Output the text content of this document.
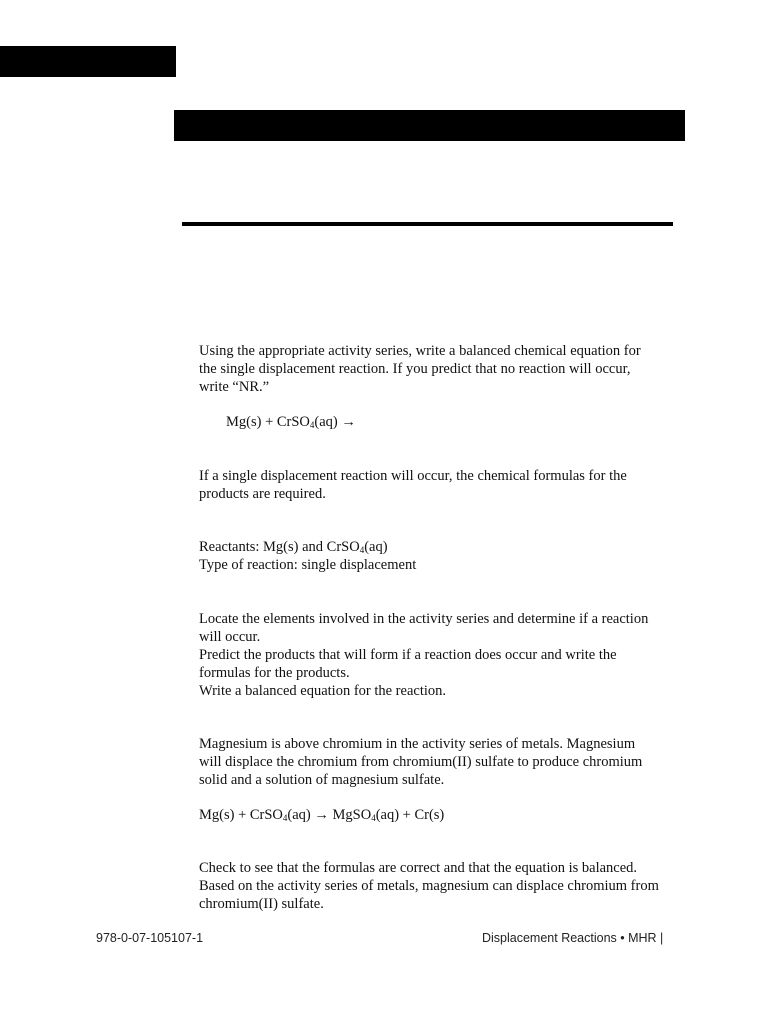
Using the appropriate activity series, write a balanced chemical equation for
the single displacement reaction. If you predict that no reaction will occur,
write “NR.”
Mg(s) + CrSO$_4$(aq) →
If a single displacement reaction will occur, the chemical formulas for the
products are required.
Reactants: Mg(s) and CrSO$_4$(aq)
Type of reaction: single displacement
Locate the elements involved in the activity series and determine if a reaction
will occur.
Predict the products that will form if a reaction does occur and write the
formulas for the products.
Write a balanced equation for the reaction.
Magnesium is above chromium in the activity series of metals. Magnesium
will displace the chromium from chromium(II) sulfate to produce chromium
solid and a solution of magnesium sulfate.
Mg(s) + CrSO$_4$(aq) → MgSO$_4$(aq) + Cr(s)
Check to see that the formulas are correct and that the equation is balanced.
Based on the activity series of metals, magnesium can displace chromium from
chromium(II) sulfate.
978-0-07-105107-1	Displacement Reactions • MHR |
